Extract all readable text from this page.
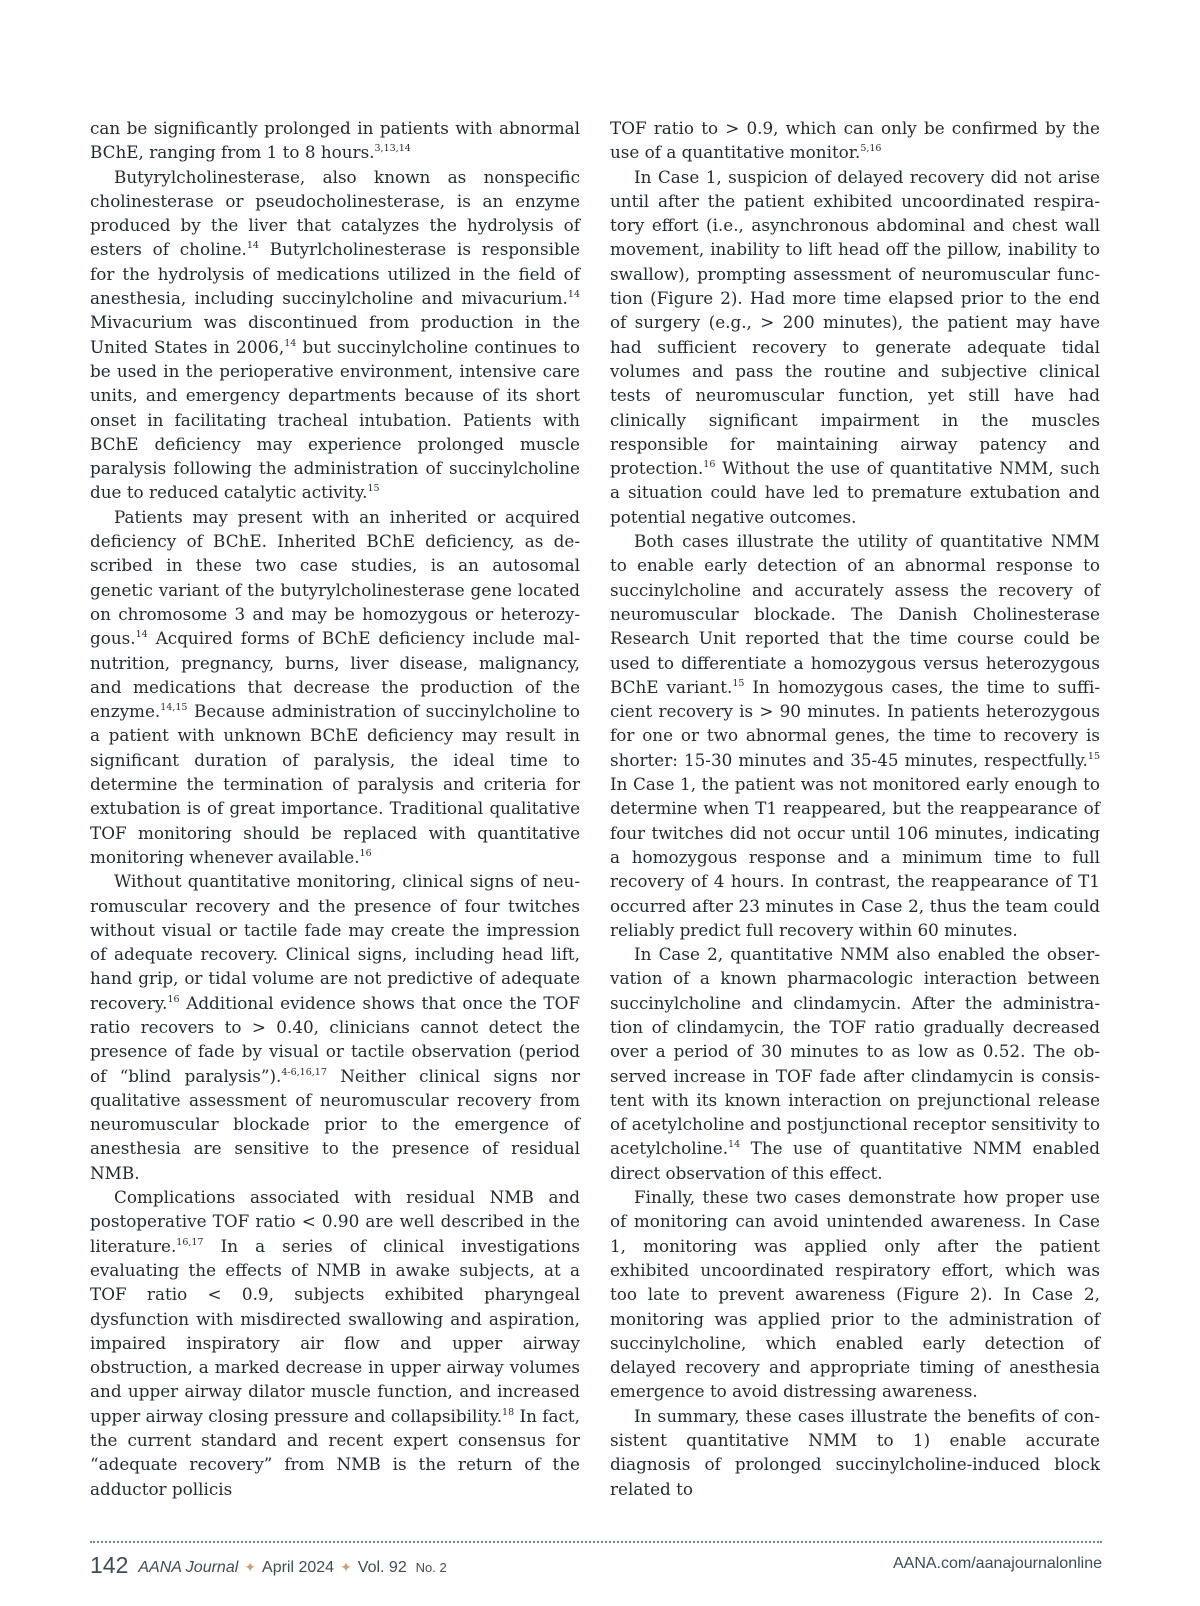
can be significantly prolonged in patients with abnormal BChE, ranging from 1 to 8 hours.$^{3,13,14}$

Butyrylcholinesterase, also known as nonspecific cholinesterase or pseudocholinesterase, is an enzyme produced by the liver that catalyzes the hydrolysis of esters of choline.$^{14}$ Butyrlcholinesterase is responsible for the hydrolysis of medications utilized in the field of anesthesia, including succinylcholine and mivacurium.$^{14}$ Mivacurium was discontinued from production in the United States in 2006,14 but succinylcholine continues to be used in the perioperative environment, intensive care units, and emergency departments because of its short onset in facilitating tracheal intubation. Patients with BChE deficiency may experience prolonged muscle paralysis following the administration of succinylcholine due to reduced catalytic activity.$^{15}$

Patients may present with an inherited or acquired deficiency of BChE. Inherited BChE deficiency, as described in these two case studies, is an autosomal genetic variant of the butyrylcholinesterase gene located on chromosome 3 and may be homozygous or heterozygous.$^{14}$ Acquired forms of BChE deficiency include malnutrition, pregnancy, burns, liver disease, malignancy, and medications that decrease the production of the enzyme.$^{14,15}$ Because administration of succinylcholine to a patient with unknown BChE deficiency may result in significant duration of paralysis, the ideal time to determine the termination of paralysis and criteria for extubation is of great importance. Traditional qualitative TOF monitoring should be replaced with quantitative monitoring whenever available.$^{16}$

Without quantitative monitoring, clinical signs of neuromuscular recovery and the presence of four twitches without visual or tactile fade may create the impression of adequate recovery. Clinical signs, including head lift, hand grip, or tidal volume are not predictive of adequate recovery.$^{16}$ Additional evidence shows that once the TOF ratio recovers to > 0.40, clinicians cannot detect the presence of fade by visual or tactile observation (period of “blind paralysis”).$^{4-6,16,17}$ Neither clinical signs nor qualitative assessment of neuromuscular recovery from neuromuscular blockade prior to the emergence of anesthesia are sensitive to the presence of residual NMB.

Complications associated with residual NMB and postoperative TOF ratio < 0.90 are well described in the literature.$^{16,17}$ In a series of clinical investigations evaluating the effects of NMB in awake subjects, at a TOF ratio < 0.9, subjects exhibited pharyngeal dysfunction with misdirected swallowing and aspiration, impaired inspiratory air flow and upper airway obstruction, a marked decrease in upper airway volumes and upper airway dilator muscle function, and increased upper airway closing pressure and collapsibility.$^{18}$ In fact, the current standard and recent expert consensus for “adequate recovery” from NMB is the return of the adductor pollicis

TOF ratio to > 0.9, which can only be confirmed by the use of a quantitative monitor.$^{5,16}$

In Case 1, suspicion of delayed recovery did not arise until after the patient exhibited uncoordinated respiratory effort (i.e., asynchronous abdominal and chest wall movement, inability to lift head off the pillow, inability to swallow), prompting assessment of neuromuscular function (Figure 2). Had more time elapsed prior to the end of surgery (e.g., > 200 minutes), the patient may have had sufficient recovery to generate adequate tidal volumes and pass the routine and subjective clinical tests of neuromuscular function, yet still have had clinically significant impairment in the muscles responsible for maintaining airway patency and protection.$^{16}$ Without the use of quantitative NMM, such a situation could have led to premature extubation and potential negative outcomes.

Both cases illustrate the utility of quantitative NMM to enable early detection of an abnormal response to succinylcholine and accurately assess the recovery of neuromuscular blockade. The Danish Cholinesterase Research Unit reported that the time course could be used to differentiate a homozygous versus heterozygous BChE variant.$^{15}$ In homozygous cases, the time to sufficient recovery is > 90 minutes. In patients heterozygous for one or two abnormal genes, the time to recovery is shorter: 15-30 minutes and 35-45 minutes, respectfully.$^{15}$ In Case 1, the patient was not monitored early enough to determine when T1 reappeared, but the reappearance of four twitches did not occur until 106 minutes, indicating a homozygous response and a minimum time to full recovery of 4 hours. In contrast, the reappearance of T1 occurred after 23 minutes in Case 2, thus the team could reliably predict full recovery within 60 minutes.

In Case 2, quantitative NMM also enabled the observation of a known pharmacologic interaction between succinylcholine and clindamycin. After the administration of clindamycin, the TOF ratio gradually decreased over a period of 30 minutes to as low as 0.52. The observed increase in TOF fade after clindamycin is consistent with its known interaction on prejunctional release of acetylcholine and postjunctional receptor sensitivity to acetylcholine.$^{14}$ The use of quantitative NMM enabled direct observation of this effect.

Finally, these two cases demonstrate how proper use of monitoring can avoid unintended awareness. In Case 1, monitoring was applied only after the patient exhibited uncoordinated respiratory effort, which was too late to prevent awareness (Figure 2). In Case 2, monitoring was applied prior to the administration of succinylcholine, which enabled early detection of delayed recovery and appropriate timing of anesthesia emergence to avoid distressing awareness.

In summary, these cases illustrate the benefits of consistent quantitative NMM to 1) enable accurate diagnosis of prolonged succinylcholine-induced block related to

142 AANA Journal ✦ April 2024 ✦ Vol. 92 No. 2	AANA.com/aanajournalonline
